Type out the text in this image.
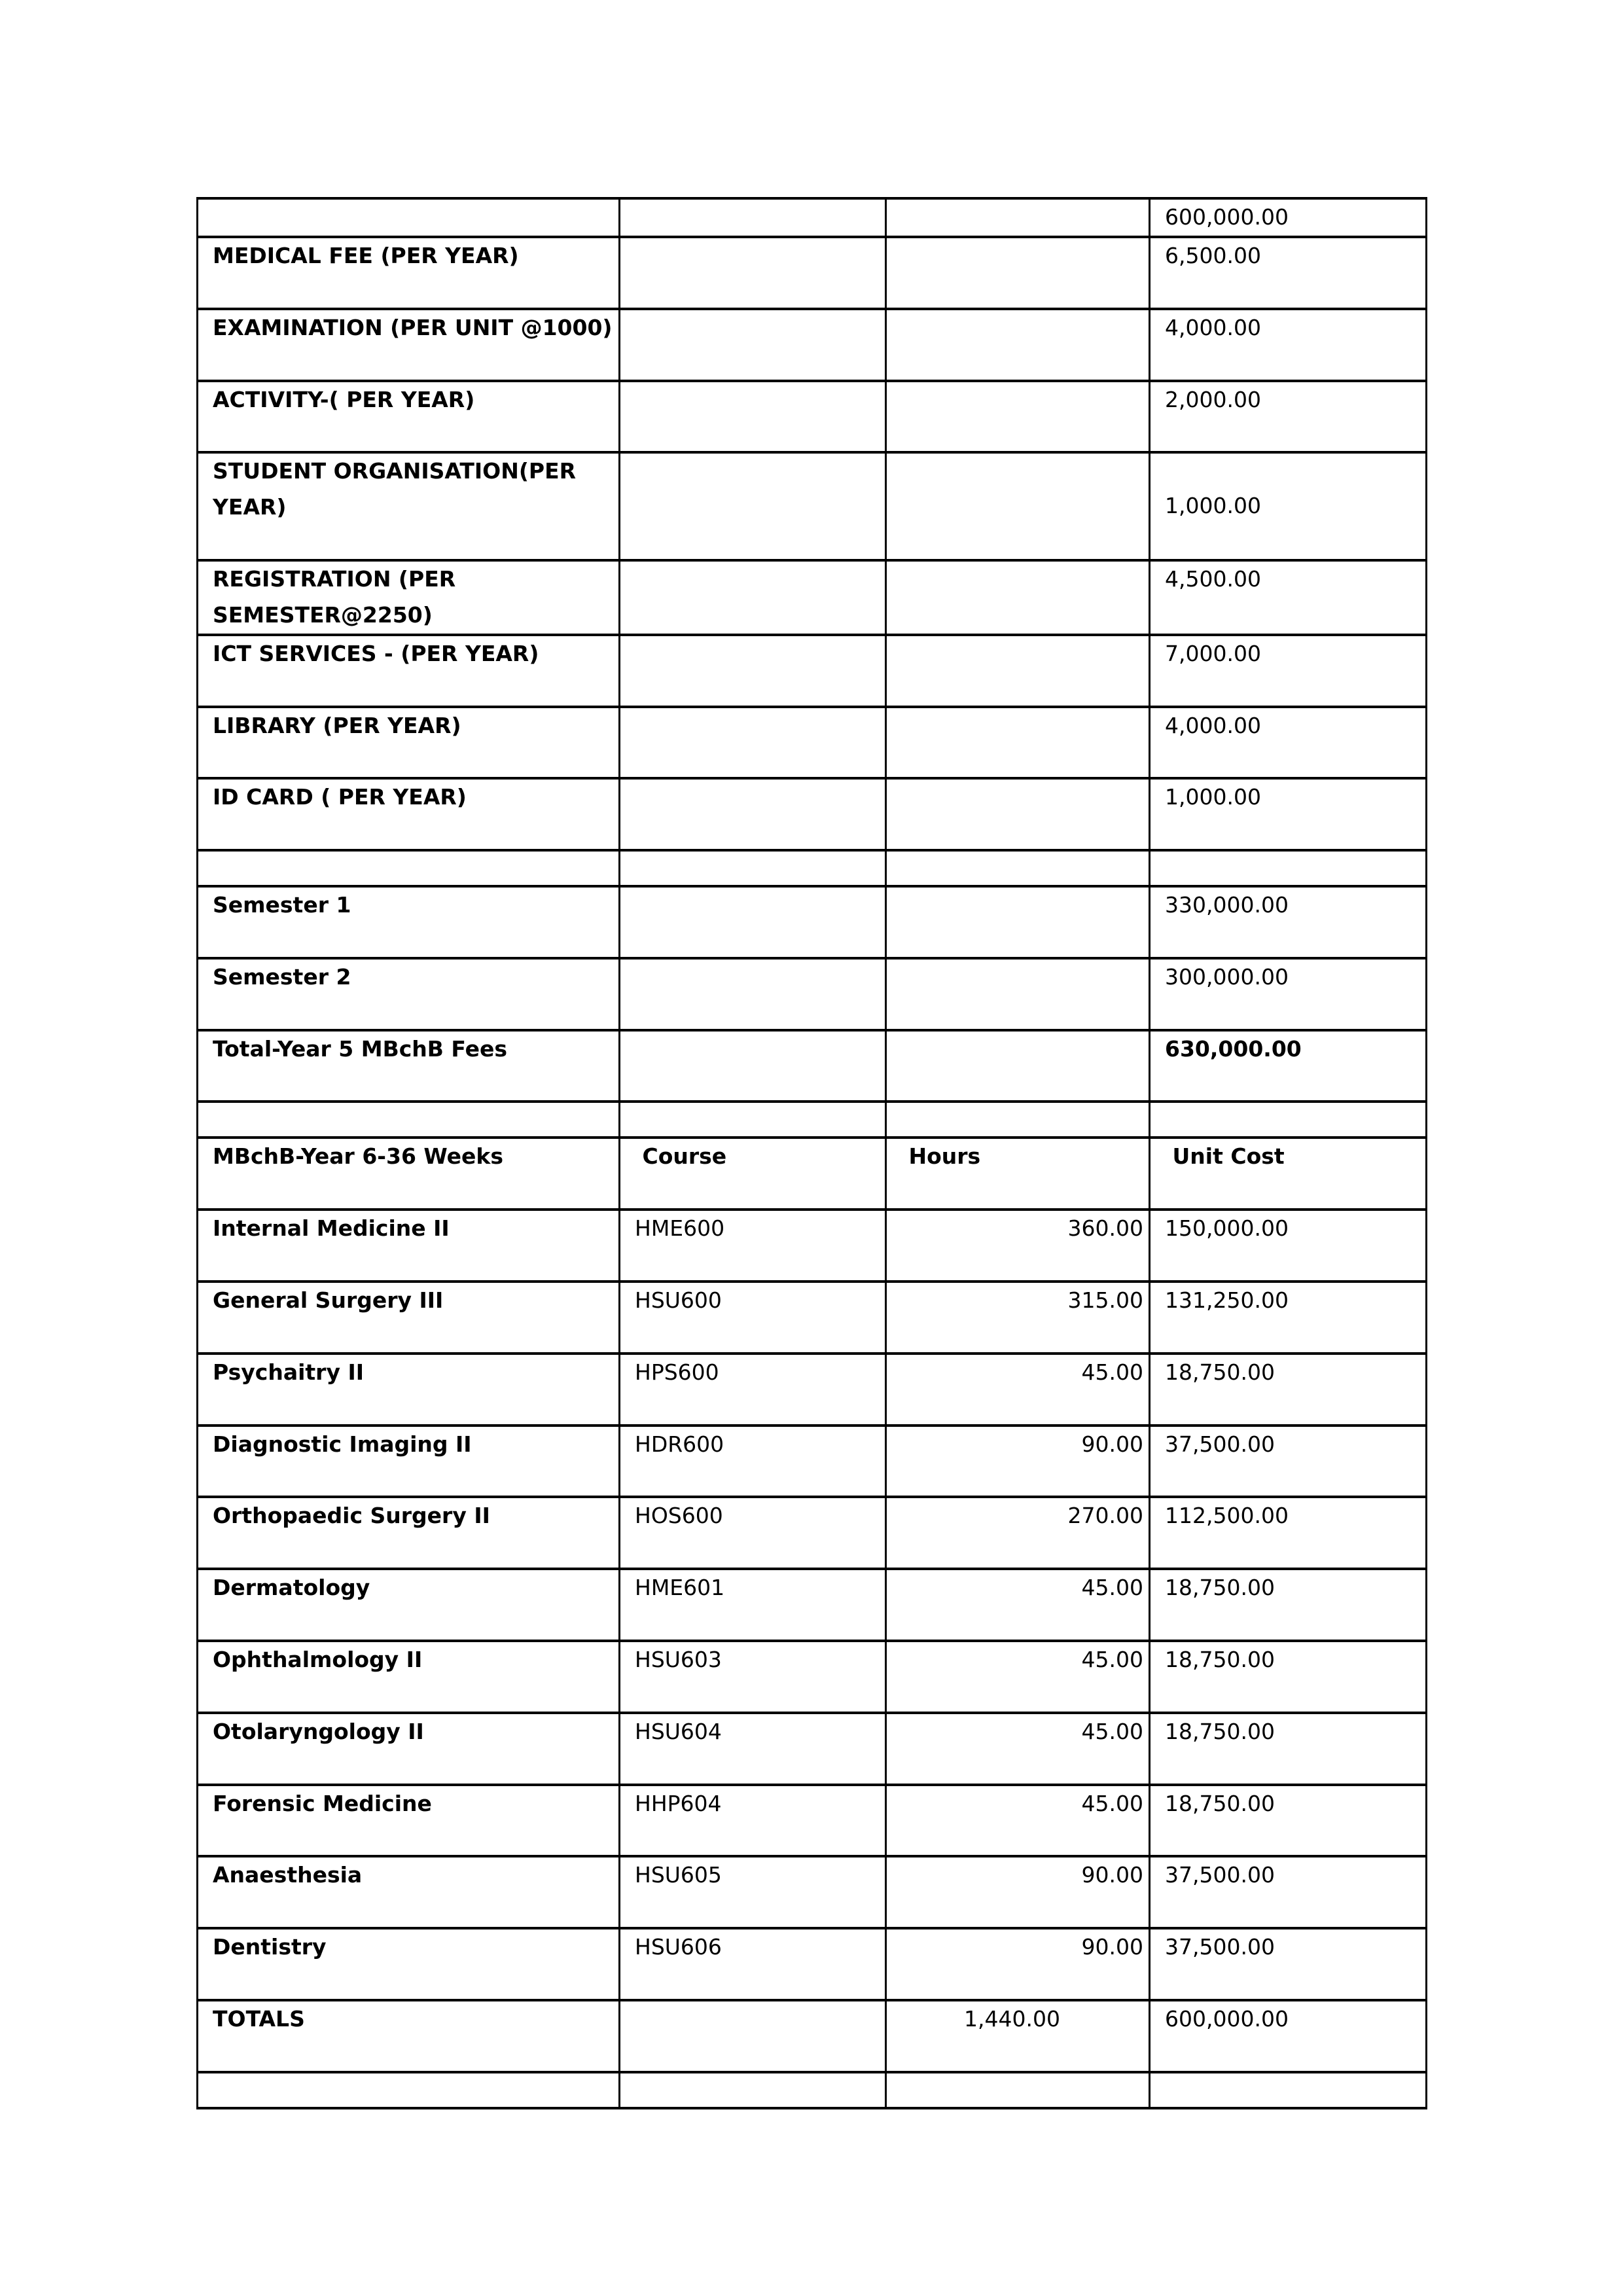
			600,000.00
MEDICAL FEE (PER YEAR)			6,500.00
EXAMINATION (PER UNIT @1000)			4,000.00
ACTIVITY-( PER YEAR)			2,000.00
STUDENT ORGANISATION(PER YEAR)			1,000.00
REGISTRATION (PER SEMESTER@2250)			4,500.00
ICT SERVICES - (PER YEAR)			7,000.00
LIBRARY (PER YEAR)			4,000.00
ID CARD ( PER YEAR)			1,000.00

Semester 1			330,000.00
Semester 2			300,000.00
Total-Year 5 MBchB Fees			630,000.00

MBchB-Year 6-36 Weeks	Course	Hours	Unit Cost
Internal Medicine II	HME600	360.00	150,000.00
General Surgery III	HSU600	315.00	131,250.00
Psychaitry II	HPS600	45.00	18,750.00
Diagnostic Imaging II	HDR600	90.00	37,500.00
Orthopaedic Surgery II	HOS600	270.00	112,500.00
Dermatology	HME601	45.00	18,750.00
Ophthalmology II	HSU603	45.00	18,750.00
Otolaryngology II	HSU604	45.00	18,750.00
Forensic Medicine	HHP604	45.00	18,750.00
Anaesthesia	HSU605	90.00	37,500.00
Dentistry	HSU606	90.00	37,500.00
TOTALS		1,440.00	600,000.00
